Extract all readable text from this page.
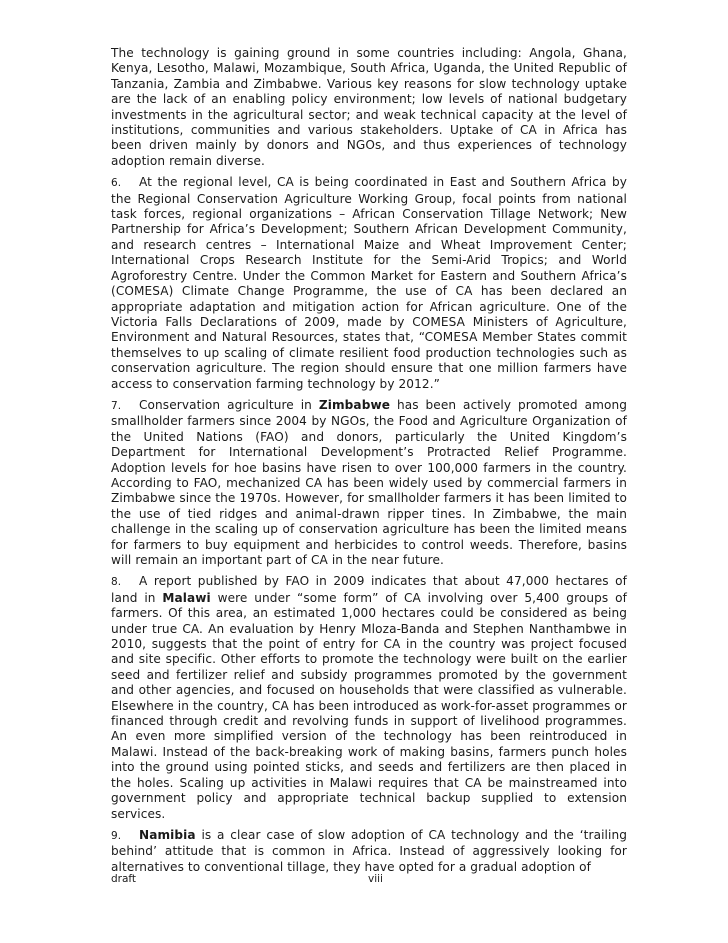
The technology is gaining ground in some countries including: Angola, Ghana, Kenya, Lesotho, Malawi, Mozambique, South Africa, Uganda, the United Republic of Tanzania, Zambia and Zimbabwe. Various key reasons for slow technology uptake are the lack of an enabling policy environment; low levels of national budgetary investments in the agricultural sector; and weak technical capacity at the level of institutions, communities and various stakeholders. Uptake of CA in Africa has been driven mainly by donors and NGOs, and thus experiences of technology adoption remain diverse.

6. At the regional level, CA is being coordinated in East and Southern Africa by the Regional Conservation Agriculture Working Group, focal points from national task forces, regional organizations – African Conservation Tillage Network; New Partnership for Africa’s Development; Southern African Development Community, and research centres – International Maize and Wheat Improvement Center; International Crops Research Institute for the Semi-Arid Tropics; and World Agroforestry Centre. Under the Common Market for Eastern and Southern Africa’s (COMESA) Climate Change Programme, the use of CA has been declared an appropriate adaptation and mitigation action for African agriculture. One of the Victoria Falls Declarations of 2009, made by COMESA Ministers of Agriculture, Environment and Natural Resources, states that, “COMESA Member States commit themselves to up scaling of climate resilient food production technologies such as conservation agriculture. The region should ensure that one million farmers have access to conservation farming technology by 2012.”

7. Conservation agriculture in Zimbabwe has been actively promoted among smallholder farmers since 2004 by NGOs, the Food and Agriculture Organization of the United Nations (FAO) and donors, particularly the United Kingdom’s Department for International Development’s Protracted Relief Programme. Adoption levels for hoe basins have risen to over 100,000 farmers in the country. According to FAO, mechanized CA has been widely used by commercial farmers in Zimbabwe since the 1970s. However, for smallholder farmers it has been limited to the use of tied ridges and animal-drawn ripper tines. In Zimbabwe, the main challenge in the scaling up of conservation agriculture has been the limited means for farmers to buy equipment and herbicides to control weeds. Therefore, basins will remain an important part of CA in the near future.

8. A report published by FAO in 2009 indicates that about 47,000 hectares of land in Malawi were under “some form” of CA involving over 5,400 groups of farmers. Of this area, an estimated 1,000 hectares could be considered as being under true CA. An evaluation by Henry Mloza-Banda and Stephen Nanthambwe in 2010, suggests that the point of entry for CA in the country was project focused and site specific. Other efforts to promote the technology were built on the earlier seed and fertilizer relief and subsidy programmes promoted by the government and other agencies, and focused on households that were classified as vulnerable. Elsewhere in the country, CA has been introduced as work-for-asset programmes or financed through credit and revolving funds in support of livelihood programmes. An even more simplified version of the technology has been reintroduced in Malawi. Instead of the back-breaking work of making basins, farmers punch holes into the ground using pointed sticks, and seeds and fertilizers are then placed in the holes. Scaling up activities in Malawi requires that CA be mainstreamed into government policy and appropriate technical backup supplied to extension services.

9. Namibia is a clear case of slow adoption of CA technology and the ‘trailing behind’ attitude that is common in Africa. Instead of aggressively looking for alternatives to conventional tillage, they have opted for a gradual adoption of

draft	viii
